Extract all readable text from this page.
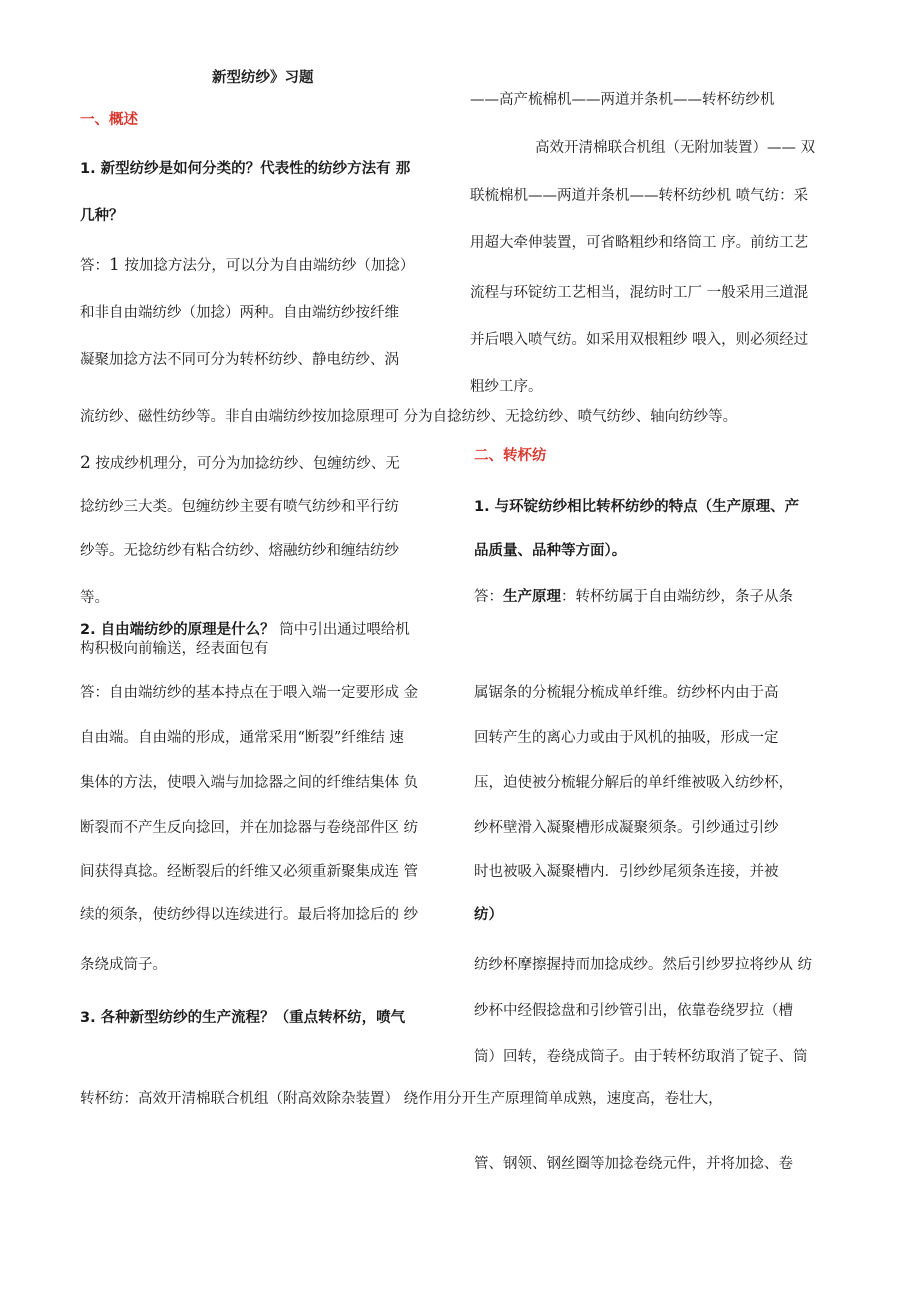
新型纺纱》习题
一、概述
1. 新型纺纱是如何分类的？代表性的纺纱方法有 那
几种？
答：1 按加捻方法分，可以分为自由端纺纱（加捻）
和非自由端纺纱（加捻）两种。自由端纺纱按纤维
凝聚加捻方法不同可分为转杯纺纱、静电纺纱、涡
流纺纱、磁性纺纱等。非自由端纺纱按加捻原理可 分为自捻纺纱、无捻纺纱、喷气纺纱、轴向纺纱等。
2 按成纱机理分，可分为加捻纺纱、包缠纺纱、无
捻纺纱三大类。包缠纺纱主要有喷气纺纱和平行纺
纱等。无捻纺纱有粘合纺纱、熔融纺纱和缠结纺纱
等。
2. 自由端纺纱的原理是什么？ 筒中引出通过喂给机
构积极向前输送，经表面包有
答：自由端纺纱的基本持点在于喂入端一定要形成 金
自由端。自由端的形成，通常采用“断裂”纤维结 速
集体的方法，使喂入端与加捻器之间的纤维结集体 负
断裂而不产生反向捻回，并在加捻器与卷绕部件区 纺
间获得真捻。经断裂后的纤维又必须重新聚集成连 管
续的须条，使纺纱得以连续进行。最后将加捻后的 纱
条绕成筒子。
3. 各种新型纺纱的生产流程？（重点转杯纺，喷气
转杯纺：高效开清棉联合机组（附高效除杂装置） 绕作用分开生产原理简单成熟，速度高，卷壮大，
——高产梳棉机——两道并条机——转杯纺纱机
高效开清棉联合机组（无附加装置）—— 双
联梳棉机——两道并条机——转杯纺纱机 喷气纺：采
用超大牵伸装置，可省略粗纱和络筒工 序。前纺工艺
流程与环锭纺工艺相当，混纺时工厂 一般采用三道混
并后喂入喷气纺。如采用双根粗纱 喂入，则必须经过
粗纱工序。
二、转杯纺
1. 与环锭纺纱相比转杯纺纱的特点（生产原理、产
品质量、品种等方面）。
答：生产原理：转杯纺属于自由端纺纱，条子从条
属锯条的分梳辊分梳成单纤维。纺纱杯内由于高
回转产生的离心力或由于风机的抽吸，形成一定
压，迫使被分梳辊分解后的单纤维被吸入纺纱杯，
纱杯壁滑入凝聚槽形成凝聚须条。引纱通过引纱
时也被吸入凝聚槽内．引纱纱尾须条连接，并被
纺）
纺纱杯摩擦握持而加捻成纱。然后引纱罗拉将纱从 纺
纱杯中经假捻盘和引纱管引出，依靠卷绕罗拉（槽
筒）回转，卷绕成筒子。由于转杯纺取消了锭子、筒
管、钢领、钢丝圈等加捻卷绕元件，并将加捻、卷
